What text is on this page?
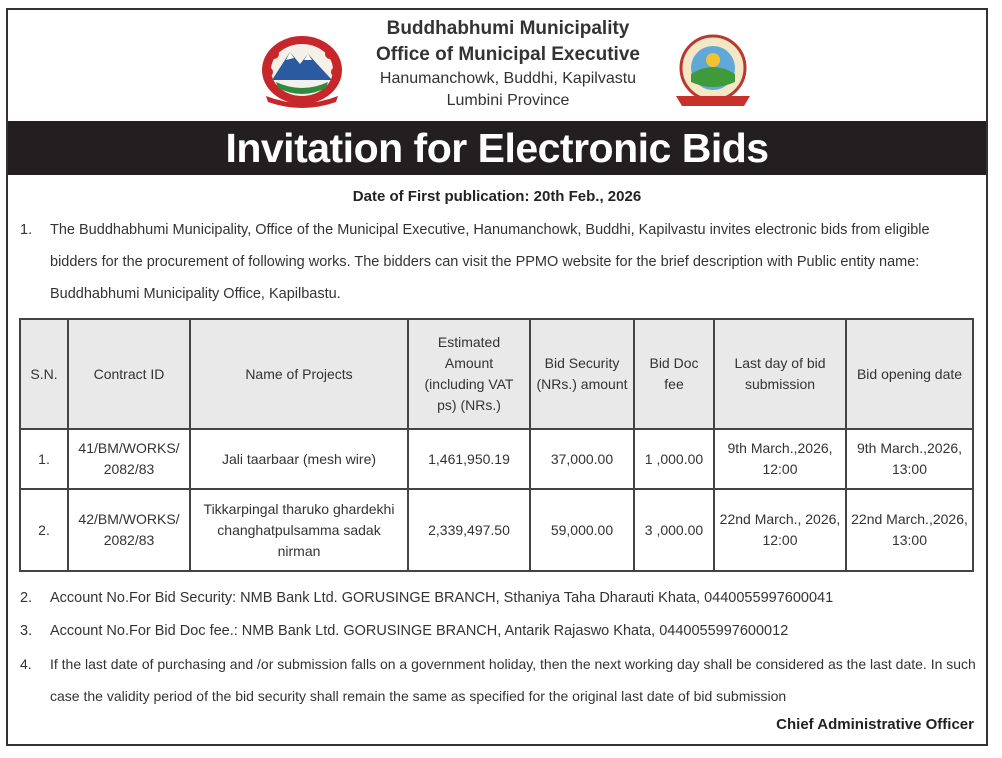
Buddhabhumi Municipality
Office of Municipal Executive
Hanumanchowk, Buddhi, Kapilvastu
Lumbini Province
Invitation for Electronic Bids
Date of First publication: 20th Feb., 2026
1. The Buddhabhumi Municipality, Office of the Municipal Executive, Hanumanchowk, Buddhi, Kapilvastu invites electronic bids from eligible bidders for the procurement of following works. The bidders can visit the PPMO website for the brief description with Public entity name: Buddhabhumi Municipality Office, Kapilbastu.
S.N.	Contract ID	Name of Projects	Estimated Amount (including VAT ps) (NRs.)	Bid Security (NRs.) amount	Bid Doc fee	Last day of bid submission	Bid opening date
1.	41/BM/WORKS/ 2082/83	Jali taarbaar (mesh wire)	1,461,950.19	37,000.00	1 ,000.00	9th March.,2026, 12:00	9th March.,2026, 13:00
2.	42/BM/WORKS/ 2082/83	Tikkarpingal tharuko ghardekhi changhatpulsamma sadak nirman	2,339,497.50	59,000.00	3 ,000.00	22nd March., 2026, 12:00	22nd March.,2026, 13:00
2. Account No.For Bid Security: NMB Bank Ltd. GORUSINGE BRANCH, Sthaniya Taha Dharauti Khata, 0440055997600041
3. Account No.For Bid Doc fee.: NMB Bank Ltd. GORUSINGE BRANCH, Antarik Rajaswo Khata, 0440055997600012
4. If the last date of purchasing and /or submission falls on a government holiday, then the next working day shall be considered as the last date. In such case the validity period of the bid security shall remain the same as specified for the original last date of bid submission
Chief Administrative Officer
